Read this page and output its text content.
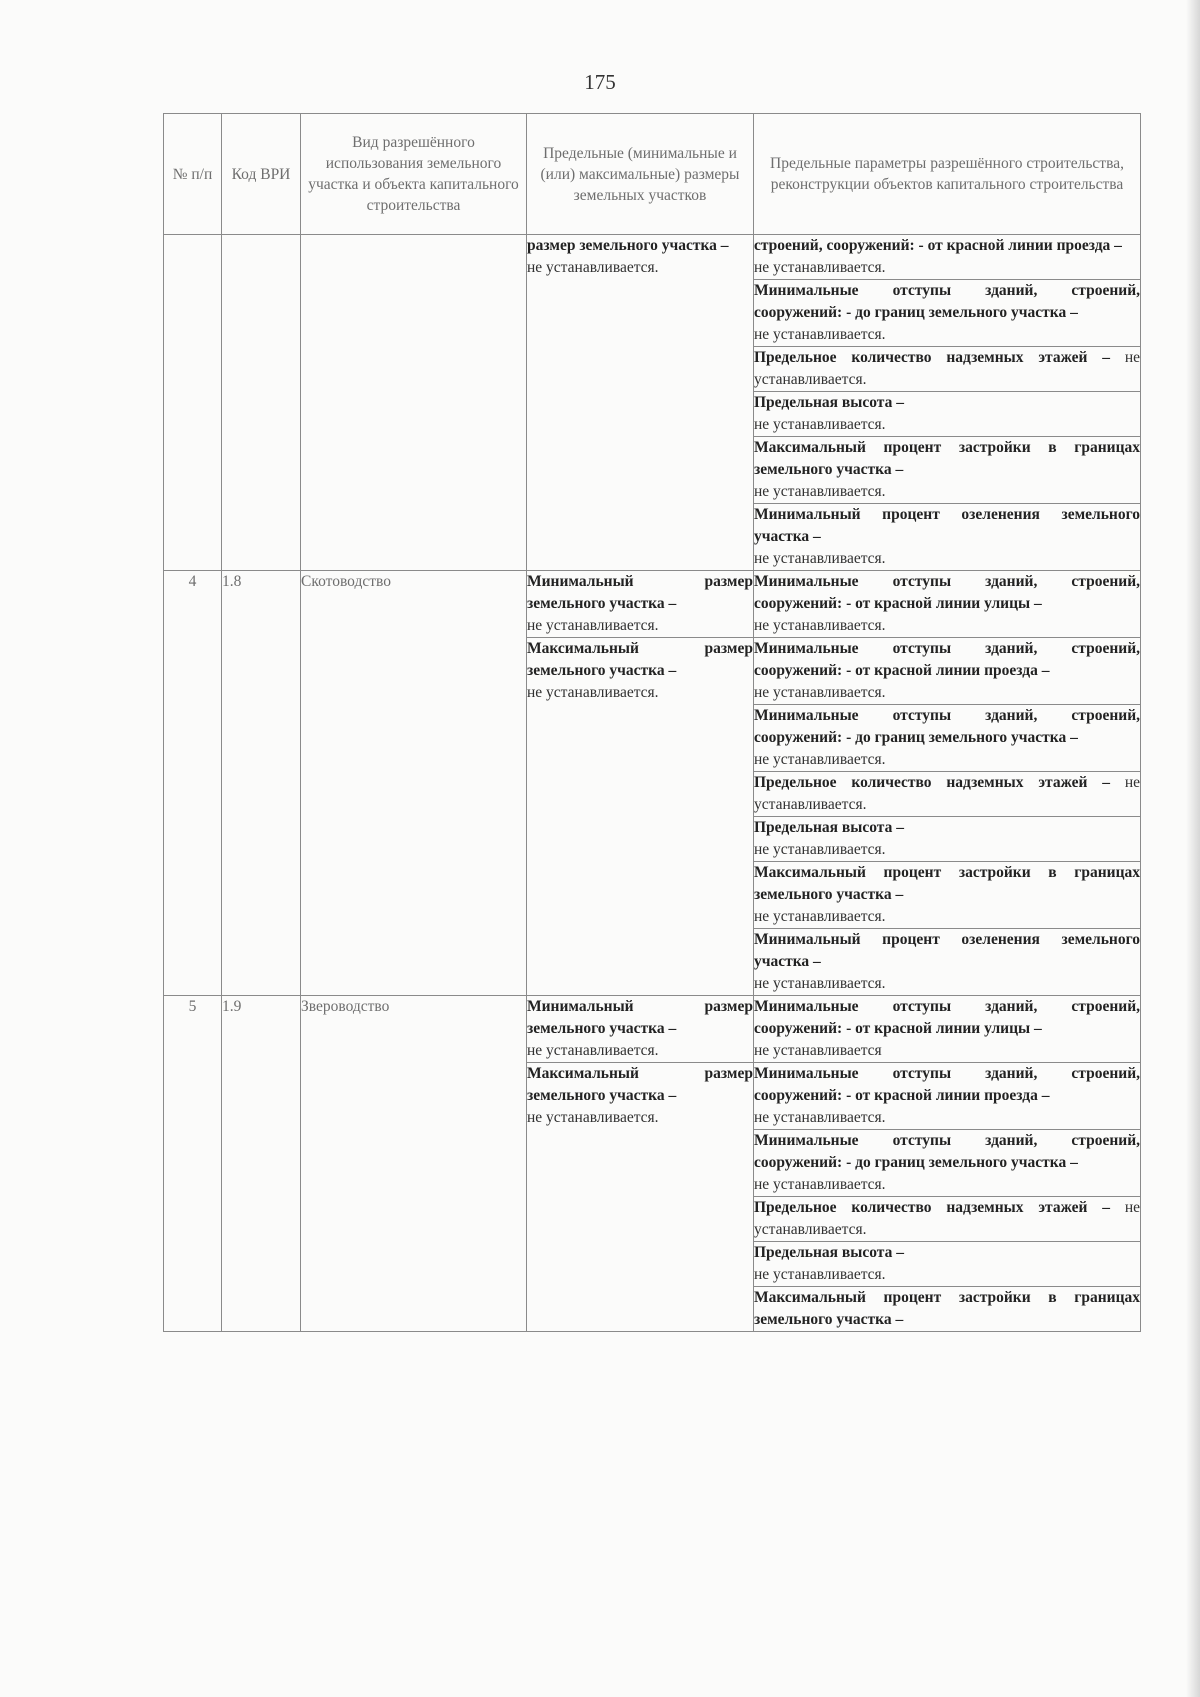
175
№ п/п	Код ВРИ	Вид разрешённого использования земельного участка и объекта капитального строительства	Предельные (минимальные и (или) максимальные) размеры земельных участков	Предельные параметры разрешённого строительства, реконструкции объектов капитального строительства
			размер земельного участка –
не устанавливается.	строений, сооружений: - от красной линии проезда –
не устанавливается.
				Минимальные отступы зданий, строений, сооружений: - до границ земельного участка –
не устанавливается.
				Предельное количество надземных этажей – не устанавливается.
				Предельная высота –
не устанавливается.
				Максимальный процент застройки в границах земельного участка –
не устанавливается.
				Минимальный процент озеленения земельного участка –
не устанавливается.
4	1.8	Скотоводство	Минимальный размер земельного участка –
не устанавливается.	Минимальные отступы зданий, строений, сооружений: - от красной линии улицы –
не устанавливается.
			Максимальный размер земельного участка –
не устанавливается.	Минимальные отступы зданий, строений, сооружений: - от красной линии проезда –
не устанавливается.
				Минимальные отступы зданий, строений, сооружений: - до границ земельного участка –
не устанавливается.
				Предельное количество надземных этажей – не устанавливается.
				Предельная высота –
не устанавливается.
				Максимальный процент застройки в границах земельного участка –
не устанавливается.
				Минимальный процент озеленения земельного участка –
не устанавливается.
5	1.9	Звероводство	Минимальный размер земельного участка –
не устанавливается.	Минимальные отступы зданий, строений, сооружений: - от красной линии улицы –
не устанавливается
			Максимальный размер земельного участка –
не устанавливается.	Минимальные отступы зданий, строений, сооружений: - от красной линии проезда –
не устанавливается.
				Минимальные отступы зданий, строений, сооружений: - до границ земельного участка –
не устанавливается.
				Предельное количество надземных этажей – не устанавливается.
				Предельная высота –
не устанавливается.
				Максимальный процент застройки в границах земельного участка –
